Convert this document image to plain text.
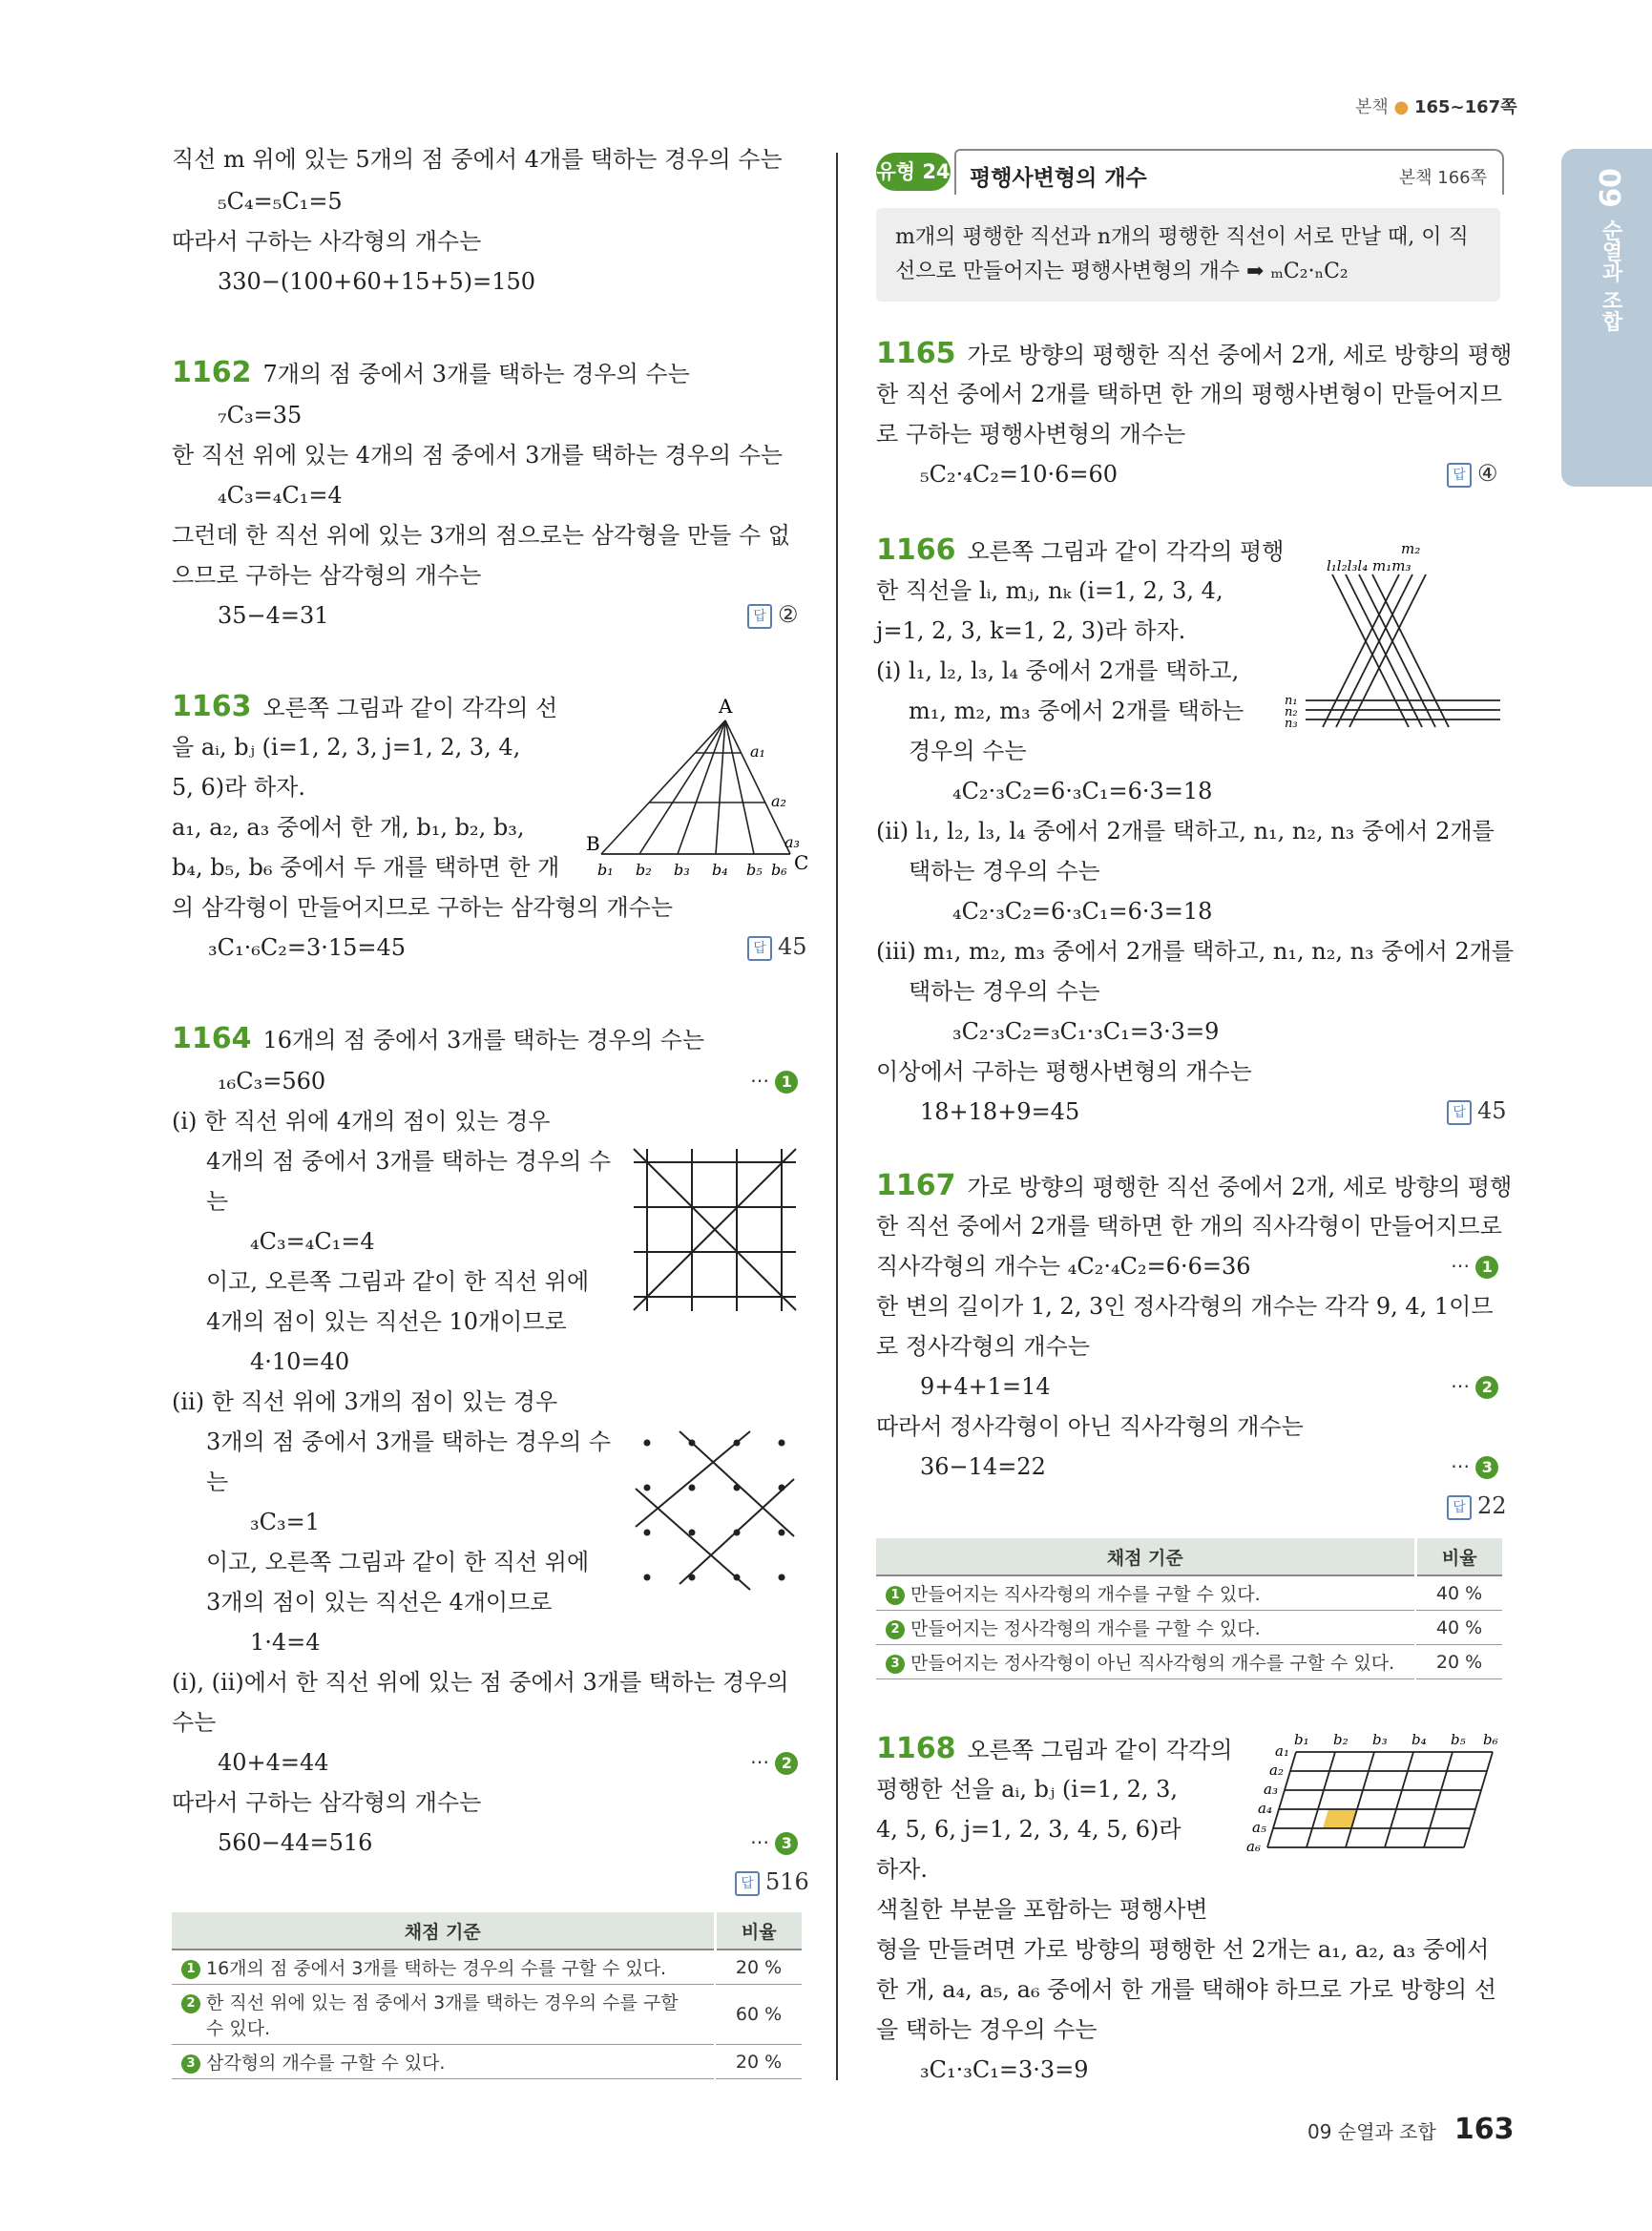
본책 ● 165~167쪽
09
순열과 조합
직선 m 위에 있는 5개의 점 중에서 4개를 택하는 경우의 수는
₅C₄=₅C₁=5
따라서 구하는 사각형의 개수는
330−(100+60+15+5)=150
1162 7개의 점 중에서 3개를 택하는 경우의 수는
₇C₃=35
한 직선 위에 있는 4개의 점 중에서 3개를 택하는 경우의 수는
₄C₃=₄C₁=4
그런데 한 직선 위에 있는 3개의 점으로는 삼각형을 만들 수 없
으므로 구하는 삼각형의 개수는
35−4=31	답 ②
1163 오른쪽 그림과 같이 각각의 선
을 aᵢ, bⱼ (i=1, 2, 3, j=1, 2, 3, 4,
5, 6)라 하자.
a₁, a₂, a₃ 중에서 한 개, b₁, b₂, b₃,
b₄, b₅, b₆ 중에서 두 개를 택하면 한 개
의 삼각형이 만들어지므로 구하는 삼각형의 개수는
₃C₁·₆C₂=3·15=45	답 45
A
B
C
a₁
a₂
a₃
b₁ b₂ b₃ b₄ b₅ b₆
1164 16개의 점 중에서 3개를 택하는 경우의 수는
₁₆C₃=560	⋯ 1
(ⅰ) 한 직선 위에 4개의 점이 있는 경우
4개의 점 중에서 3개를 택하는 경우의 수
는
₄C₃=₄C₁=4
이고, 오른쪽 그림과 같이 한 직선 위에
4개의 점이 있는 직선은 10개이므로
4·10=40
(ⅱ) 한 직선 위에 3개의 점이 있는 경우
3개의 점 중에서 3개를 택하는 경우의 수
는
₃C₃=1
이고, 오른쪽 그림과 같이 한 직선 위에
3개의 점이 있는 직선은 4개이므로
1·4=4
(ⅰ), (ⅱ)에서 한 직선 위에 있는 점 중에서 3개를 택하는 경우의
수는
40+4=44	⋯ 2
따라서 구하는 삼각형의 개수는
560−44=516	⋯ 3
답 516
채점 기준	비율
1 16개의 점 중에서 3개를 택하는 경우의 수를 구할 수 있다.	20 %
2 한 직선 위에 있는 점 중에서 3개를 택하는 경우의 수를 구할
수 있다.	60 %
3 삼각형의 개수를 구할 수 있다.	20 %
유형 24 평행사변형의 개수	본책 166쪽
m개의 평행한 직선과 n개의 평행한 직선이 서로 만날 때, 이 직
선으로 만들어지는 평행사변형의 개수 ➡ ₘC₂·ₙC₂
1165 가로 방향의 평행한 직선 중에서 2개, 세로 방향의 평행
한 직선 중에서 2개를 택하면 한 개의 평행사변형이 만들어지므
로 구하는 평행사변형의 개수는
₅C₂·₄C₂=10·6=60	답 ④
1166 오른쪽 그림과 같이 각각의 평행
한 직선을 lᵢ, mⱼ, nₖ (i=1, 2, 3, 4,
j=1, 2, 3, k=1, 2, 3)라 하자.
(ⅰ) l₁, l₂, l₃, l₄ 중에서 2개를 택하고,
m₁, m₂, m₃ 중에서 2개를 택하는
경우의 수는
₄C₂·₃C₂=6·₃C₁=6·3=18
(ⅱ) l₁, l₂, l₃, l₄ 중에서 2개를 택하고, n₁, n₂, n₃ 중에서 2개를
택하는 경우의 수는
₄C₂·₃C₂=6·₃C₁=6·3=18
(ⅲ) m₁, m₂, m₃ 중에서 2개를 택하고, n₁, n₂, n₃ 중에서 2개를
택하는 경우의 수는
₃C₂·₃C₂=₃C₁·₃C₁=3·3=9
이상에서 구하는 평행사변형의 개수는
18+18+9=45	답 45
m₂
l₁l₂l₃l₄ m₁m₃
n₁
n₂
n₃
1167 가로 방향의 평행한 직선 중에서 2개, 세로 방향의 평행
한 직선 중에서 2개를 택하면 한 개의 직사각형이 만들어지므로
직사각형의 개수는 ₄C₂·₄C₂=6·6=36	⋯ 1
한 변의 길이가 1, 2, 3인 정사각형의 개수는 각각 9, 4, 1이므
로 정사각형의 개수는
9+4+1=14	⋯ 2
따라서 정사각형이 아닌 직사각형의 개수는
36−14=22	⋯ 3
답 22
채점 기준	비율
1 만들어지는 직사각형의 개수를 구할 수 있다.	40 %
2 만들어지는 정사각형의 개수를 구할 수 있다.	40 %
3 만들어지는 정사각형이 아닌 직사각형의 개수를 구할 수 있다.	20 %
1168 오른쪽 그림과 같이 각각의
평행한 선을 aᵢ, bⱼ (i=1, 2, 3,
4, 5, 6, j=1, 2, 3, 4, 5, 6)라
하자.
색칠한 부분을 포함하는 평행사변
형을 만들려면 가로 방향의 평행한 선 2개는 a₁, a₂, a₃ 중에서
한 개, a₄, a₅, a₆ 중에서 한 개를 택해야 하므로 가로 방향의 선
을 택하는 경우의 수는
₃C₁·₃C₁=3·3=9
b₁ b₂ b₃ b₄ b₅ b₆
a₁
a₂
a₃
a₄
a₅
a₆
09 순열과 조합 163
